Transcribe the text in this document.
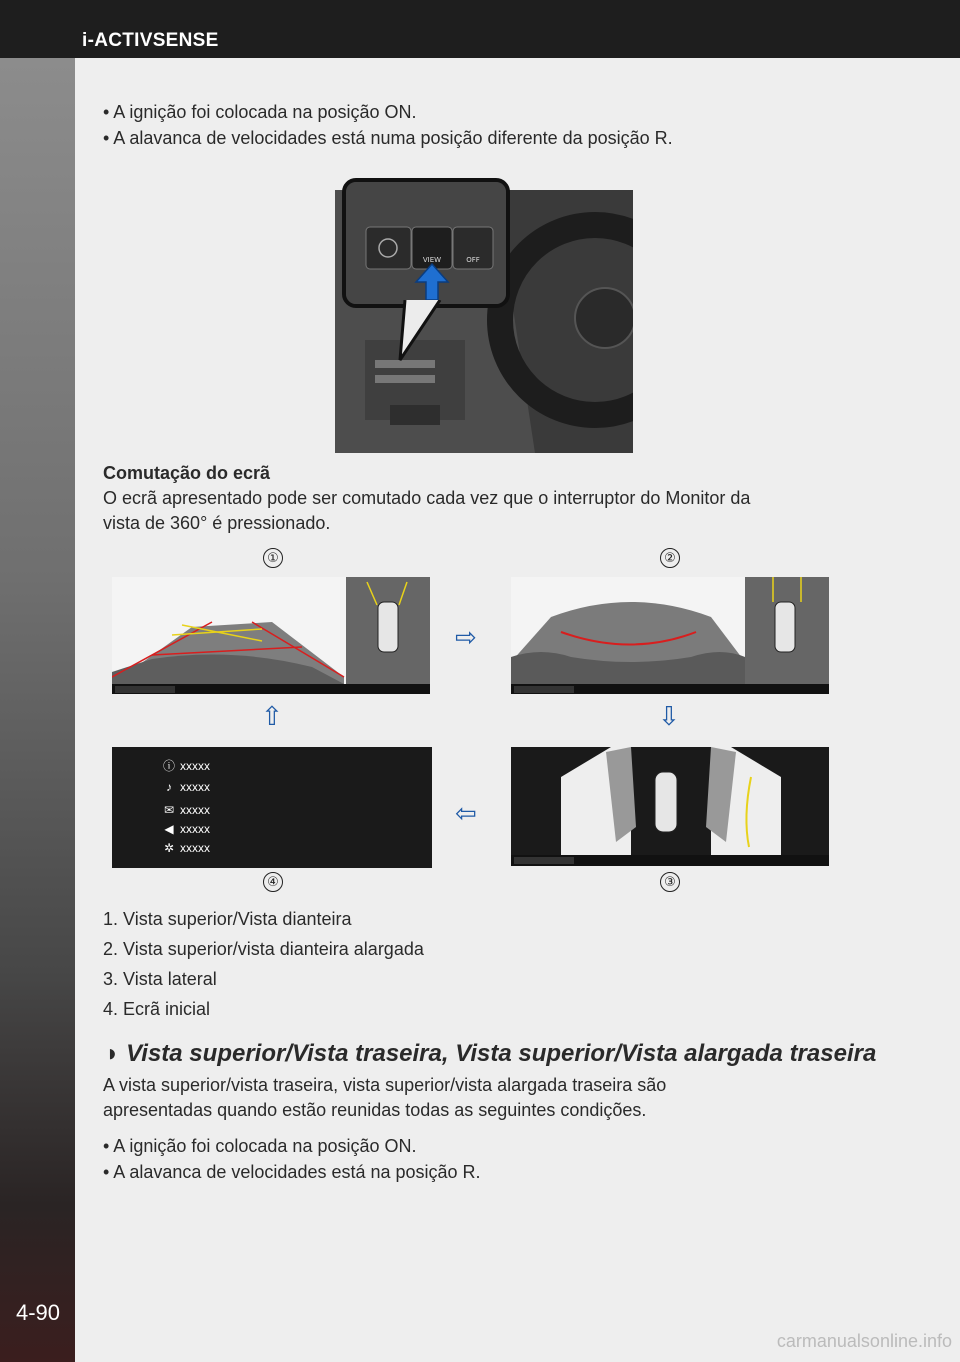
i-ACTIVSENSE
4-90
• A ignição foi colocada na posição ON.
• A alavanca de velocidades está numa posição diferente da posição R.
VIEW	OFF
Comutação do ecrã
O ecrã apresentado pode ser comutado cada vez que o interruptor do Monitor da
vista de 360° é pressionado.
①	②
③
④
ⓘ xxxxx
♪ xxxxx
✉ xxxxx
◀ xxxxx
✲ xxxxx
⇨
⇩
⇦
⇧
1. Vista superior/Vista dianteira
2. Vista superior/vista dianteira alargada
3. Vista lateral
4. Ecrã inicial
◗ Vista superior/Vista traseira, Vista superior/Vista alargada traseira
A vista superior/vista traseira, vista superior/vista alargada traseira são
apresentadas quando estão reunidas todas as seguintes condições.
• A ignição foi colocada na posição ON.
• A alavanca de velocidades está na posição R.
carmanualsonline.info
